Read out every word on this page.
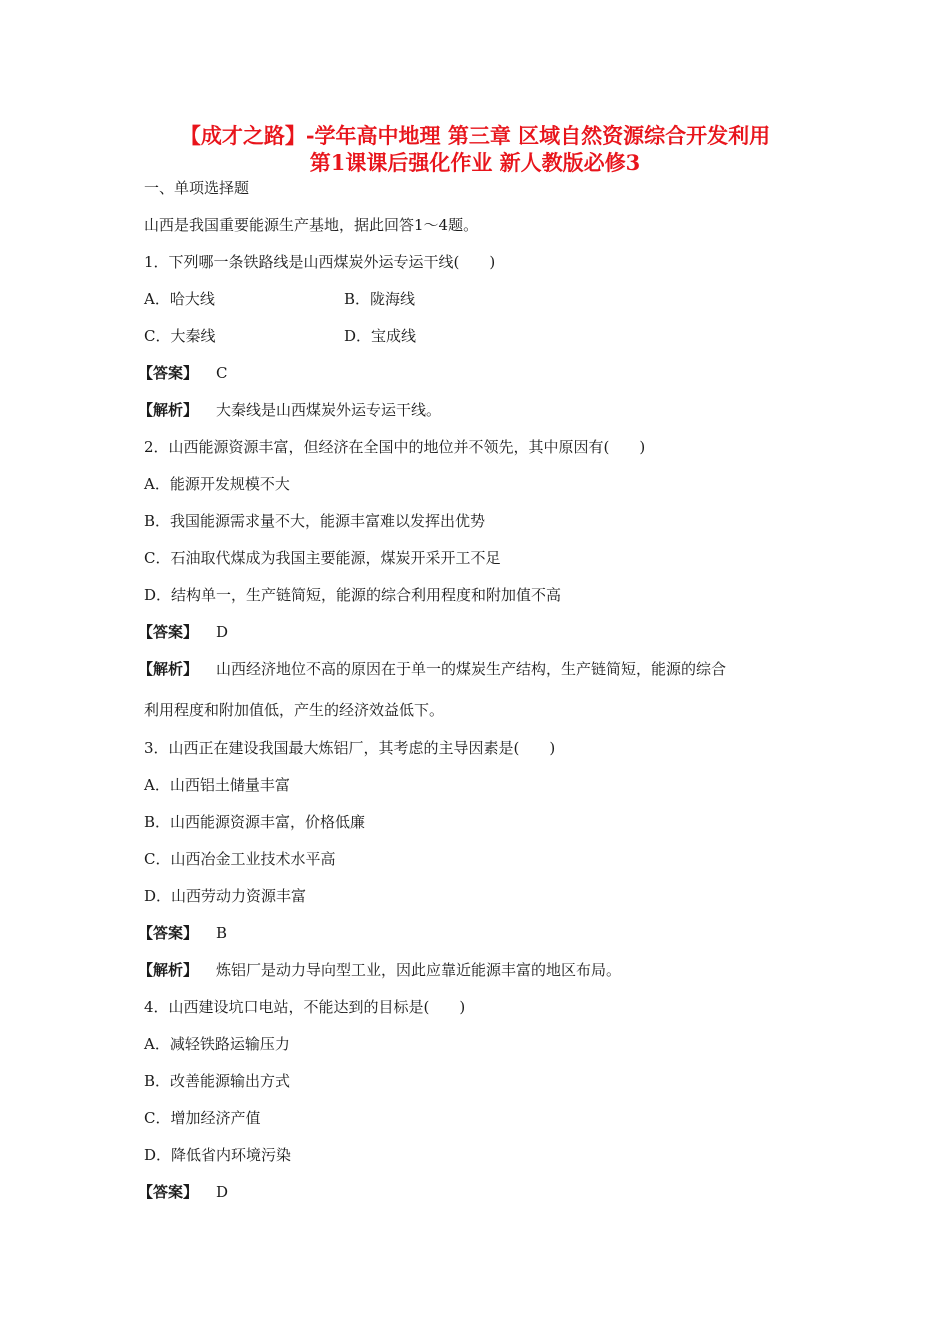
【成才之路】-学年高中地理 第三章 区域自然资源综合开发利用
第1课课后强化作业 新人教版必修3
一、单项选择题
山西是我国重要能源生产基地，据此回答1～4题。
1．下列哪一条铁路线是山西煤炭外运专运干线(　　)
A．哈大线	B．陇海线
C．大秦线	D．宝成线
【答案】 C
【解析】 大秦线是山西煤炭外运专运干线。
2．山西能源资源丰富，但经济在全国中的地位并不领先，其中原因有(　　)
A．能源开发规模不大
B．我国能源需求量不大，能源丰富难以发挥出优势
C．石油取代煤成为我国主要能源，煤炭开采开工不足
D．结构单一，生产链简短，能源的综合利用程度和附加值不高
【答案】 D
【解析】 山西经济地位不高的原因在于单一的煤炭生产结构，生产链简短，能源的综合
利用程度和附加值低，产生的经济效益低下。
3．山西正在建设我国最大炼铝厂，其考虑的主导因素是(　　)
A．山西铝土储量丰富
B．山西能源资源丰富，价格低廉
C．山西冶金工业技术水平高
D．山西劳动力资源丰富
【答案】 B
【解析】 炼铝厂是动力导向型工业，因此应靠近能源丰富的地区布局。
4．山西建设坑口电站，不能达到的目标是(　　)
A．减轻铁路运输压力
B．改善能源输出方式
C．增加经济产值
D．降低省内环境污染
【答案】 D
